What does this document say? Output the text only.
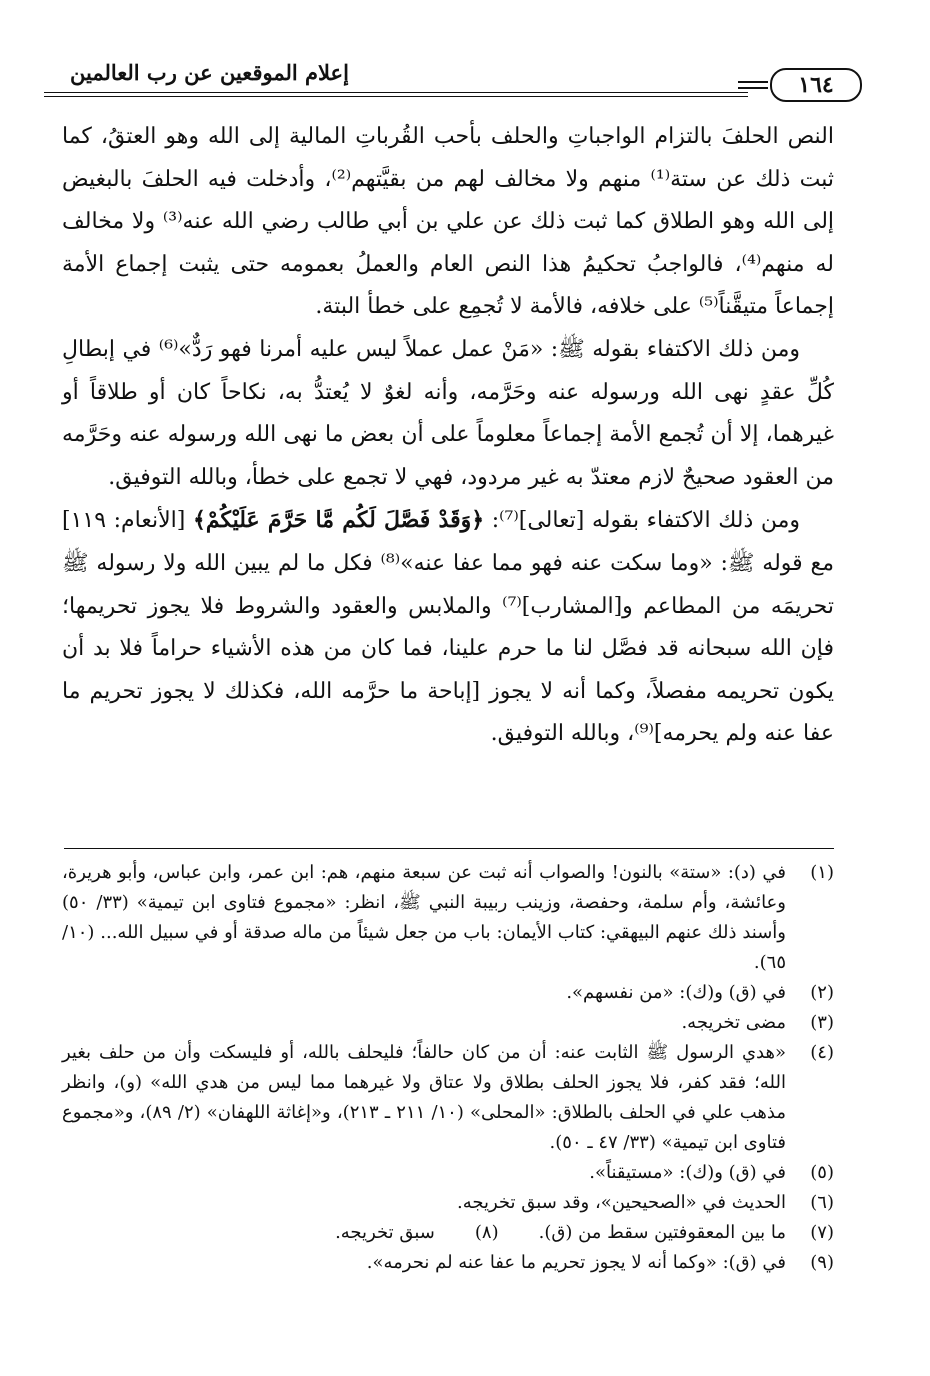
إعلام الموقعين عن رب العالمين	١٦٤

النص الحلفَ بالتزام الواجباتِ والحلف بأحب القُرباتِ المالية إلى الله وهو العتقُ، كما ثبت ذلك عن ستة⁽¹⁾ منهم ولا مخالف لهم من بقيَّتهم⁽²⁾، وأدخلت فيه الحلفَ بالبغيض إلى الله وهو الطلاق كما ثبت ذلك عن علي بن أبي طالب رضي الله عنه⁽³⁾ ولا مخالف له منهم⁽⁴⁾، فالواجبُ تحكيمُ هذا النص العام والعملُ بعمومه حتى يثبت إجماع الأمة إجماعاً متيقَّناً⁽⁵⁾ على خلافه، فالأمة لا تُجمِع على خطأ البتة.

ومن ذلك الاكتفاء بقوله ﷺ: «مَنْ عمل عملاً ليس عليه أمرنا فهو رَدٌّ»⁽⁶⁾ في إبطالِ كُلِّ عقدٍ نهى الله ورسوله عنه وحَرَّمه، وأنه لغوٌ لا يُعتدُّ به، نكاحاً كان أو طلاقاً أو غيرهما، إلا أن تُجمع الأمة إجماعاً معلوماً على أن بعض ما نهى الله ورسوله عنه وحَرَّمه من العقود صحيحٌ لازم معتدّ به غير مردود، فهي لا تجمع على خطأ، وبالله التوفيق.

ومن ذلك الاكتفاء بقوله [تعالى]⁽⁷⁾: ﴿وَقَدْ فَصَّلَ لَكُم مَّا حَرَّمَ عَلَيْكُمْ﴾ [الأنعام: ١١٩] مع قوله ﷺ: «وما سكت عنه فهو مما عفا عنه»⁽⁸⁾ فكل ما لم يبين الله ولا رسوله ﷺ تحريمَه من المطاعم و[المشارب]⁽⁷⁾ والملابس والعقود والشروط فلا يجوز تحريمها؛ فإن الله سبحانه قد فصَّل لنا ما حرم علينا، فما كان من هذه الأشياء حراماً فلا بد أن يكون تحريمه مفصلاً، وكما أنه لا يجوز [إباحة ما حرَّمه الله، فكذلك لا يجوز تحريم ما عفا عنه ولم يحرمه]⁽⁹⁾، وبالله التوفيق.

(١)
في (د): «ستة» بالنون! والصواب أنه ثبت عن سبعة منهم، هم: ابن عمر، وابن عباس، وأبو هريرة، وعائشة، وأم سلمة، وحفصة، وزينب ربيبة النبي ﷺ، انظر: «مجموع فتاوى ابن تيمية» (٣٣/ ٥٠) وأسند ذلك عنهم البيهقي: كتاب الأيمان: باب من جعل شيئاً من ماله صدقة أو في سبيل الله... (١٠/ ٦٥).
(٢)
في (ق) و(ك): «من نفسهم».
(٣)
مضى تخريجه.
(٤)
«هدي الرسول ﷺ الثابت عنه: أن من كان حالفاً؛ فليحلف بالله، أو فليسكت وأن من حلف بغير الله؛ فقد كفر، فلا يجوز الحلف بطلاق ولا عتاق ولا غيرهما مما ليس من هدي الله» (و)، وانظر مذهب علي في الحلف بالطلاق: «المحلى» (١٠/ ٢١١ ـ ٢١٣)، و«إغاثة اللهفان» (٢/ ٨٩)، و«مجموع فتاوى ابن تيمية» (٣٣/ ٤٧ ـ ٥٠).
(٥)
في (ق) و(ك): «مستيقناً».
(٦)
الحديث في «الصحيحين»، وقد سبق تخريجه.
(٧)
ما بين المعقوفتين سقط من (ق).
(٨)
سبق تخريجه.
(٩)
في (ق): «وكما أنه لا يجوز تحريم ما عفا عنه لم نحرمه».
